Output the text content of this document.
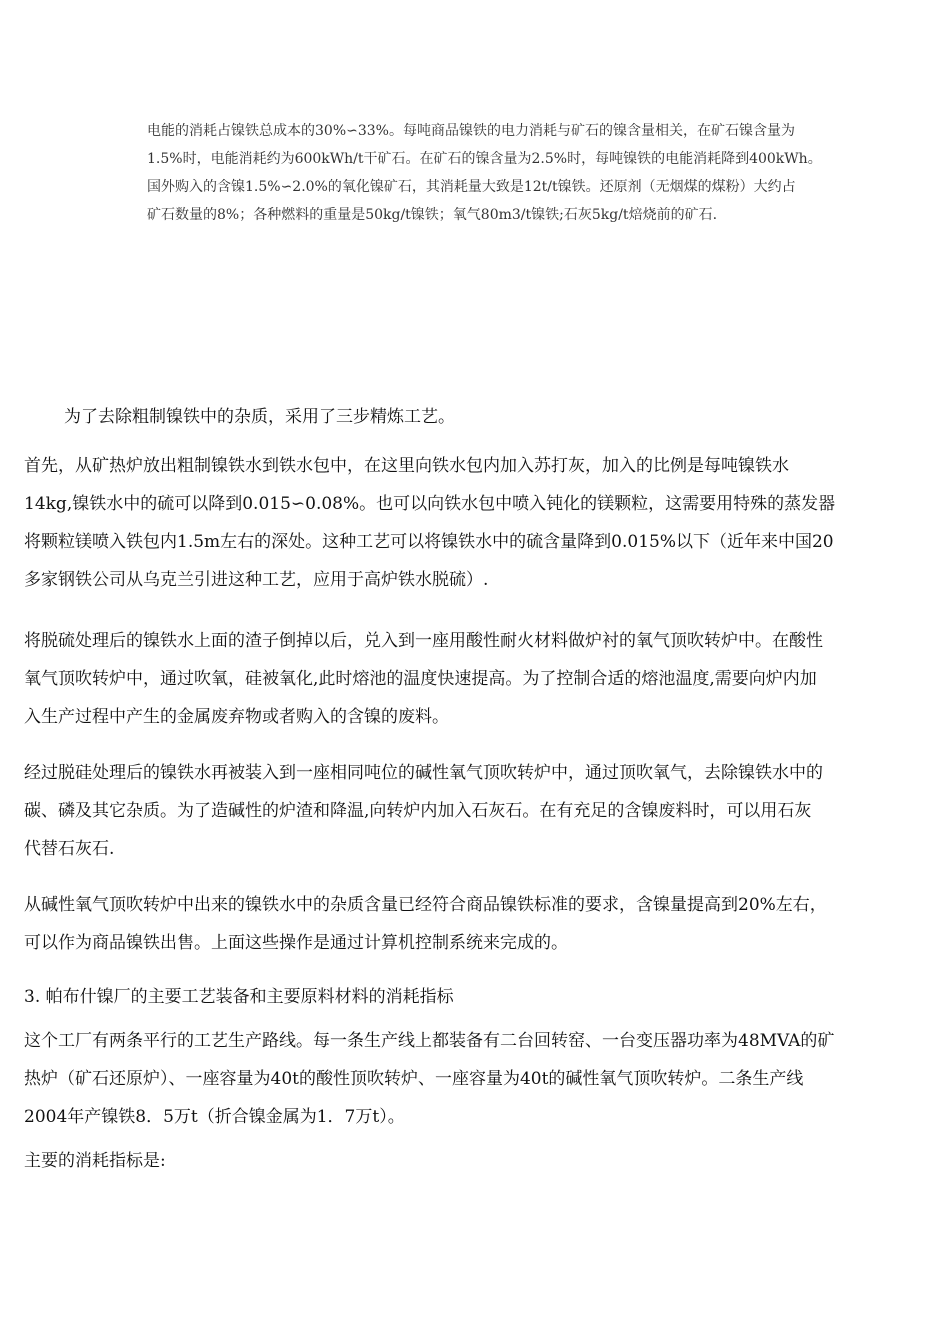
电能的消耗占镍铁总成本的30%∽33%。每吨商品镍铁的电力消耗与矿石的镍含量相关，在矿石镍含量为
1.5%时，电能消耗约为600kWh/t干矿石。在矿石的镍含量为2.5%时，每吨镍铁的电能消耗降到400kWh。
国外购入的含镍1.5%∽2.0%的氧化镍矿石，其消耗量大致是12t/t镍铁。还原剂（无烟煤的煤粉）大约占
矿石数量的8%；各种燃料的重量是50kg/t镍铁；氧气80m3/t镍铁;石灰5kg/t焙烧前的矿石.
为了去除粗制镍铁中的杂质，采用了三步精炼工艺。
首先，从矿热炉放出粗制镍铁水到铁水包中，在这里向铁水包内加入苏打灰，加入的比例是每吨镍铁水
14kg,镍铁水中的硫可以降到0.015∽0.08%。也可以向铁水包中喷入钝化的镁颗粒，这需要用特殊的蒸发器
将颗粒镁喷入铁包内1.5m左右的深处。这种工艺可以将镍铁水中的硫含量降到0.015%以下（近年来中国20
多家钢铁公司从乌克兰引进这种工艺，应用于高炉铁水脱硫）.
将脱硫处理后的镍铁水上面的渣子倒掉以后，兑入到一座用酸性耐火材料做炉衬的氧气顶吹转炉中。在酸性
氧气顶吹转炉中，通过吹氧，硅被氧化,此时熔池的温度快速提高。为了控制合适的熔池温度,需要向炉内加
入生产过程中产生的金属废弃物或者购入的含镍的废料。
经过脱硅处理后的镍铁水再被装入到一座相同吨位的碱性氧气顶吹转炉中，通过顶吹氧气，去除镍铁水中的
碳、磷及其它杂质。为了造碱性的炉渣和降温,向转炉内加入石灰石。在有充足的含镍废料时，可以用石灰
代替石灰石.
从碱性氧气顶吹转炉中出来的镍铁水中的杂质含量已经符合商品镍铁标准的要求，含镍量提高到20%左右，
可以作为商品镍铁出售。上面这些操作是通过计算机控制系统来完成的。
3. 帕布什镍厂的主要工艺装备和主要原料材料的消耗指标
这个工厂有两条平行的工艺生产路线。每一条生产线上都装备有二台回转窑、一台变压器功率为48MVA的矿
热炉（矿石还原炉）、一座容量为40t的酸性顶吹转炉、一座容量为40t的碱性氧气顶吹转炉。二条生产线
2004年产镍铁8．5万t（折合镍金属为1．7万t）。
主要的消耗指标是:
